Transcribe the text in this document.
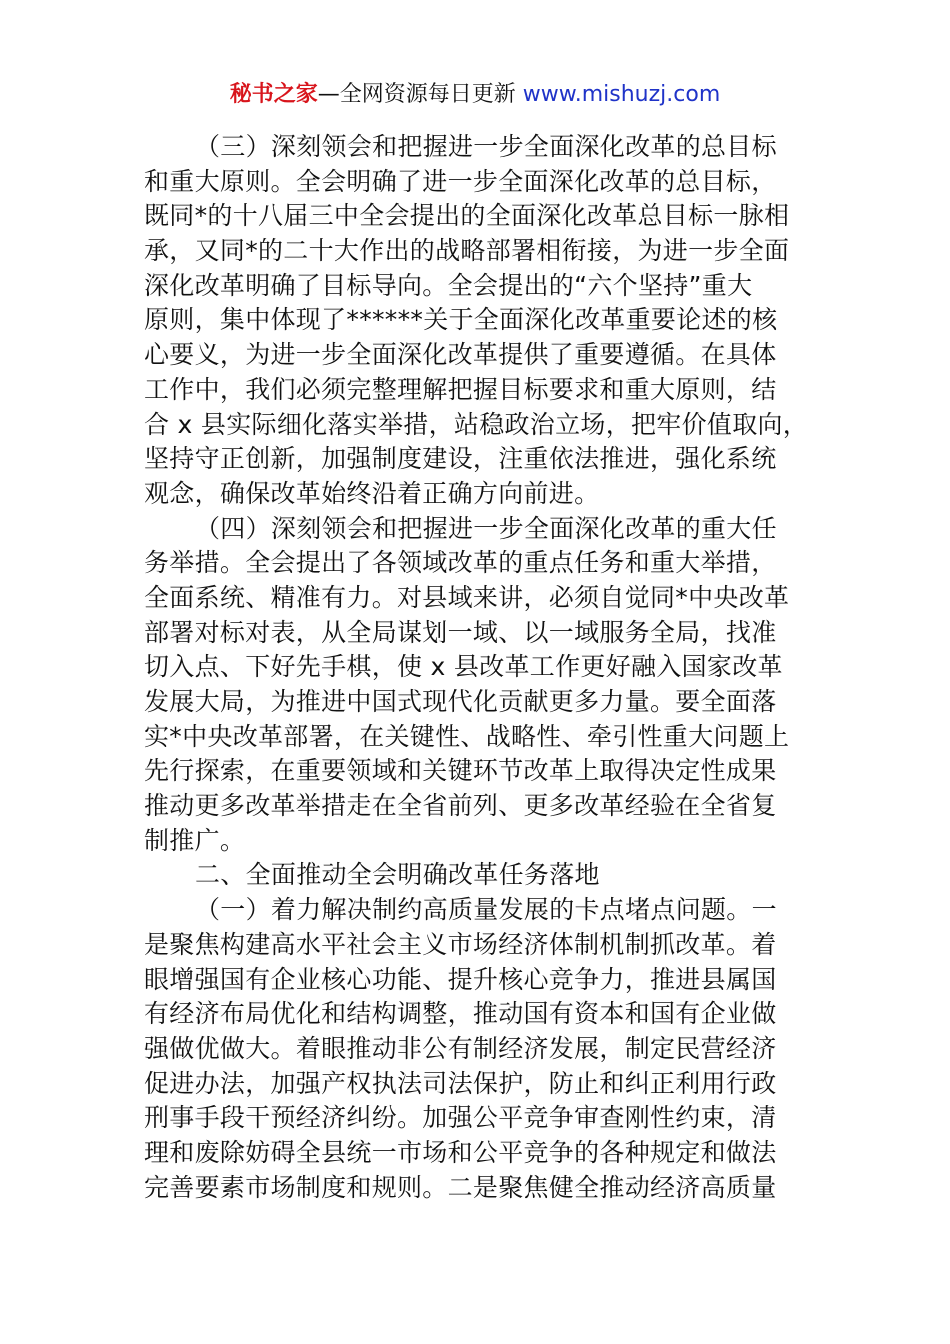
秘书之家—全网资源每日更新 www.mishuzj.com
（三）深刻领会和把握进一步全面深化改革的总目标
和重大原则。全会明确了进一步全面深化改革的总目标，
既同*的十八届三中全会提出的全面深化改革总目标一脉相
承，又同*的二十大作出的战略部署相衔接，为进一步全面
深化改革明确了目标导向。全会提出的“六个坚持”重大
原则，集中体现了******关于全面深化改革重要论述的核
心要义，为进一步全面深化改革提供了重要遵循。在具体
工作中，我们必须完整理解把握目标要求和重大原则，结
合 x 县实际细化落实举措，站稳政治立场，把牢价值取向，
坚持守正创新，加强制度建设，注重依法推进，强化系统
观念，确保改革始终沿着正确方向前进。
（四）深刻领会和把握进一步全面深化改革的重大任
务举措。全会提出了各领域改革的重点任务和重大举措，
全面系统、精准有力。对县域来讲，必须自觉同*中央改革
部署对标对表，从全局谋划一域、以一域服务全局，找准
切入点、下好先手棋，使 x 县改革工作更好融入国家改革
发展大局，为推进中国式现代化贡献更多力量。要全面落
实*中央改革部署，在关键性、战略性、牵引性重大问题上
先行探索，在重要领域和关键环节改革上取得决定性成果
推动更多改革举措走在全省前列、更多改革经验在全省复
制推广。
二、全面推动全会明确改革任务落地
（一）着力解决制约高质量发展的卡点堵点问题。一
是聚焦构建高水平社会主义市场经济体制机制抓改革。着
眼增强国有企业核心功能、提升核心竞争力，推进县属国
有经济布局优化和结构调整，推动国有资本和国有企业做
强做优做大。着眼推动非公有制经济发展，制定民营经济
促进办法，加强产权执法司法保护，防止和纠正利用行政
刑事手段干预经济纠纷。加强公平竞争审查刚性约束，清
理和废除妨碍全县统一市场和公平竞争的各种规定和做法
完善要素市场制度和规则。二是聚焦健全推动经济高质量
